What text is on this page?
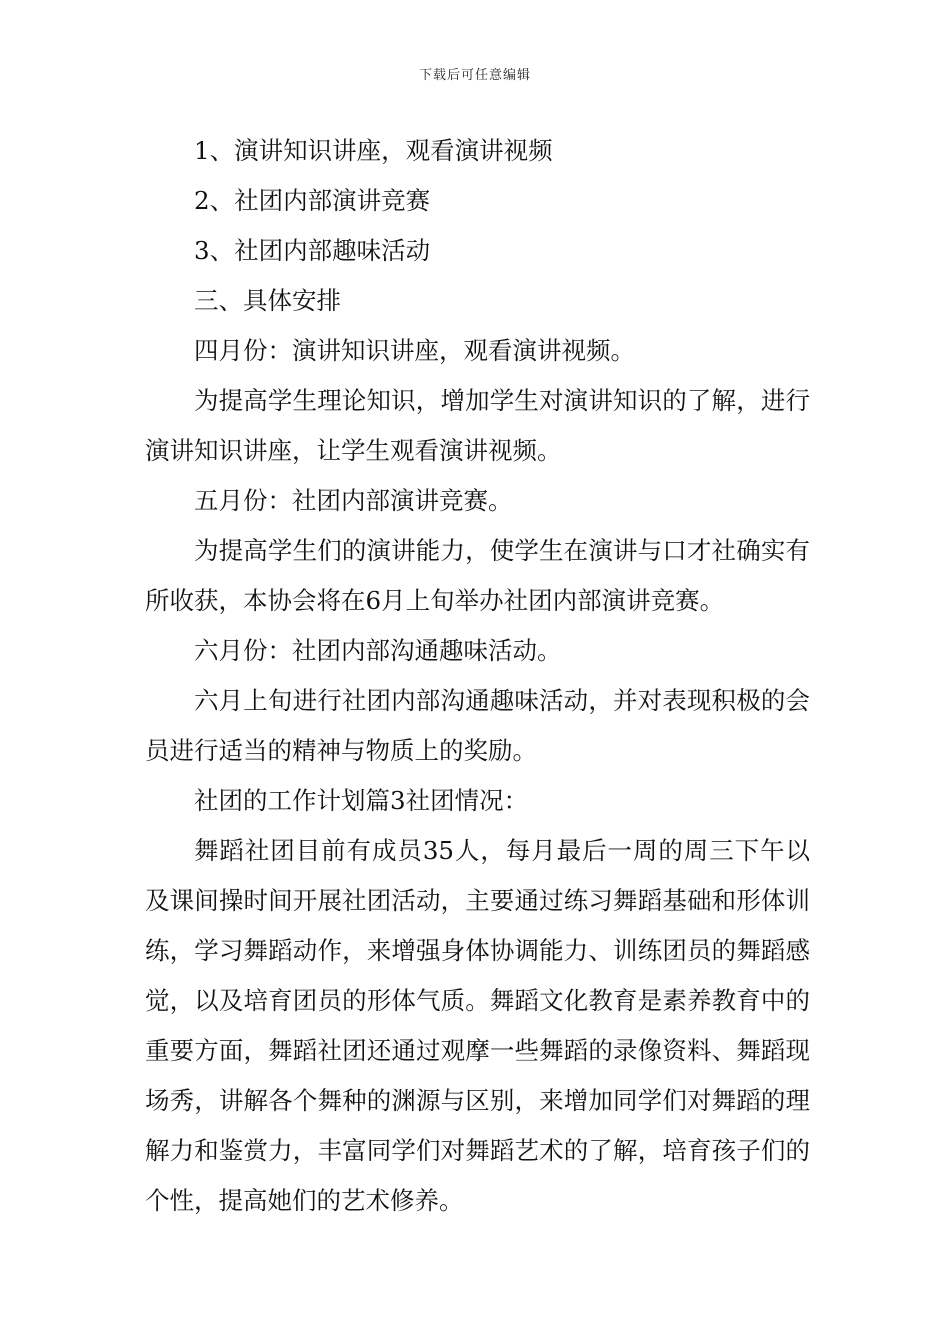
下载后可任意编辑

1、演讲知识讲座，观看演讲视频

2、社团内部演讲竞赛

3、社团内部趣味活动

三、具体安排

四月份：演讲知识讲座，观看演讲视频。

为提高学生理论知识，增加学生对演讲知识的了解，进行演讲知识讲座，让学生观看演讲视频。

五月份：社团内部演讲竞赛。

为提高学生们的演讲能力，使学生在演讲与口才社确实有所收获，本协会将在6月上旬举办社团内部演讲竞赛。

六月份：社团内部沟通趣味活动。

六月上旬进行社团内部沟通趣味活动，并对表现积极的会员进行适当的精神与物质上的奖励。

社团的工作计划篇3社团情况：

舞蹈社团目前有成员35人，每月最后一周的周三下午以及课间操时间开展社团活动，主要通过练习舞蹈基础和形体训练，学习舞蹈动作，来增强身体协调能力、训练团员的舞蹈感觉，以及培育团员的形体气质。舞蹈文化教育是素养教育中的重要方面，舞蹈社团还通过观摩一些舞蹈的录像资料、舞蹈现场秀，讲解各个舞种的渊源与区别，来增加同学们对舞蹈的理解力和鉴赏力，丰富同学们对舞蹈艺术的了解，培育孩子们的个性，提高她们的艺术修养。
